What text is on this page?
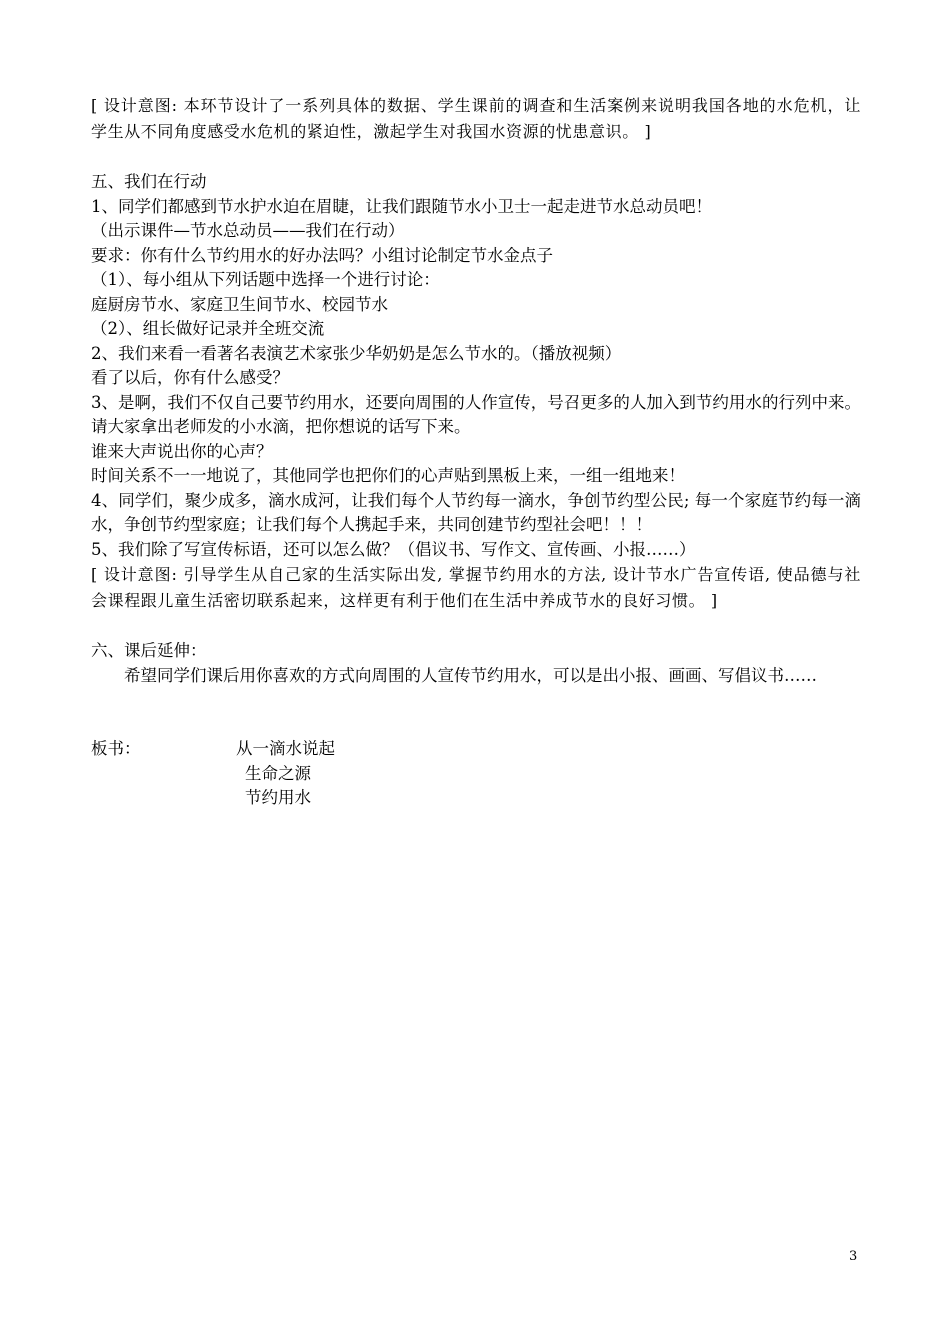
[ 设计意图: 本环节设计了一系列具体的数据、学生课前的调查和生活案例来说明我国各地的水危机，让学生从不同角度感受水危机的紧迫性，激起学生对我国水资源的忧患意识。 ]

五、我们在行动

1、同学们都感到节水护水迫在眉睫，让我们跟随节水小卫士一起走进节水总动员吧！

（出示课件—节水总动员——我们在行动）

要求：你有什么节约用水的好办法吗？小组讨论制定节水金点子

（1）、每小组从下列话题中选择一个进行讨论：

庭厨房节水、家庭卫生间节水、校园节水

（2）、组长做好记录并全班交流

2、我们来看一看著名表演艺术家张少华奶奶是怎么节水的。（播放视频）

看了以后，你有什么感受？

3、是啊，我们不仅自己要节约用水，还要向周围的人作宣传，号召更多的人加入到节约用水的行列中来。请大家拿出老师发的小水滴，把你想说的话写下来。

谁来大声说出你的心声？

时间关系不一一地说了，其他同学也把你们的心声贴到黑板上来，一组一组地来！

4、同学们，聚少成多，滴水成河，让我们每个人节约每一滴水，争创节约型公民; 每一个家庭节约每一滴水，争创节约型家庭；让我们每个人携起手来，共同创建节约型社会吧！！！

5、我们除了写宣传标语，还可以怎么做？（倡议书、写作文、宣传画、小报……）

[ 设计意图: 引导学生从自己家的生活实际出发, 掌握节约用水的方法, 设计节水广告宣传语, 使品德与社会课程跟儿童生活密切联系起来，这样更有利于他们在生活中养成节水的良好习惯。 ]

六、课后延伸：

希望同学们课后用你喜欢的方式向周围的人宣传节约用水，可以是出小报、画画、写倡议书……

板书：	从一滴水说起
生命之源
节约用水
3
